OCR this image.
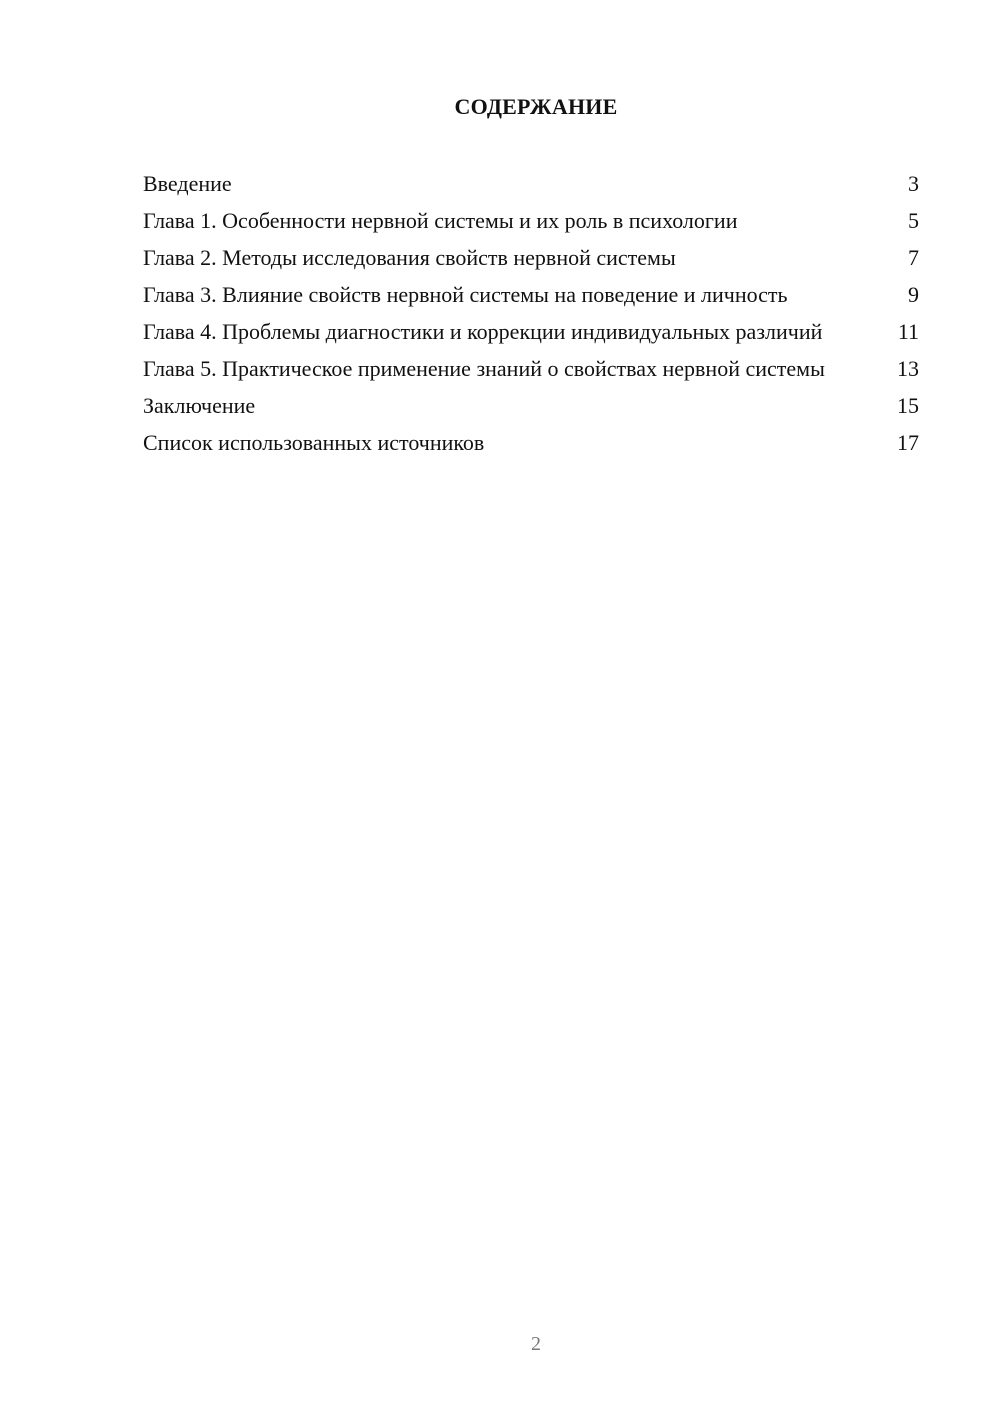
СОДЕРЖАНИЕ
Введение	3
Глава 1. Особенности нервной системы и их роль в психологии	5
Глава 2. Методы исследования свойств нервной системы	7
Глава 3. Влияние свойств нервной системы на поведение и личность	9
Глава 4. Проблемы диагностики и коррекции индивидуальных различий	11
Глава 5. Практическое применение знаний о свойствах нервной системы	13
Заключение	15
Список использованных источников	17
2
